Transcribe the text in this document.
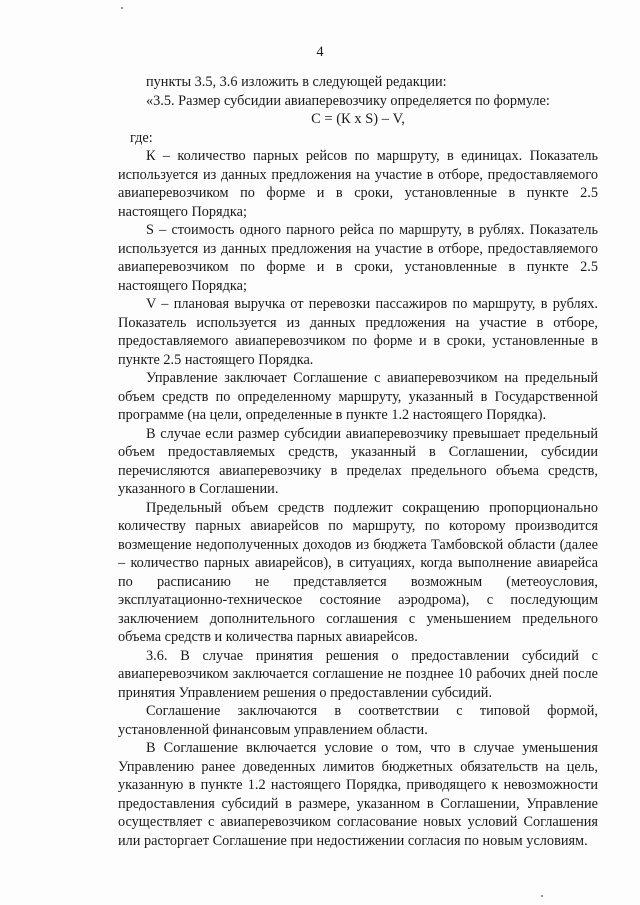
4

пункты 3.5, 3.6 изложить в следующей редакции:

«3.5. Размер субсидии авиаперевозчику определяется по формуле:

С = (К x S) – V,

где:

К – количество парных рейсов по маршруту, в единицах. Показатель используется из данных предложения на участие в отборе, предоставляемого авиаперевозчиком по форме и в сроки, установленные в пункте 2.5 настоящего Порядка;

S – стоимость одного парного рейса по маршруту, в рублях. Показатель используется из данных предложения на участие в отборе, предоставляемого авиаперевозчиком по форме и в сроки, установленные в пункте 2.5 настоящего Порядка;

V – плановая выручка от перевозки пассажиров по маршруту, в рублях. Показатель используется из данных предложения на участие в отборе, предоставляемого авиаперевозчиком по форме и в сроки, установленные в пункте 2.5 настоящего Порядка.

Управление заключает Соглашение с авиаперевозчиком на предельный объем средств по определенному маршруту, указанный в Государственной программе (на цели, определенные в пункте 1.2 настоящего Порядка).

В случае если размер субсидии авиаперевозчику превышает предельный объем предоставляемых средств, указанный в Соглашении, субсидии перечисляются авиаперевозчику в пределах предельного объема средств, указанного в Соглашении.

Предельный объем средств подлежит сокращению пропорционально количеству парных авиарейсов по маршруту, по которому производится возмещение недополученных доходов из бюджета Тамбовской области (далее – количество парных авиарейсов), в ситуациях, когда выполнение авиарейса по расписанию не представляется возможным (метеоусловия, эксплуатационно-техническое состояние аэродрома), с последующим заключением дополнительного соглашения с уменьшением предельного объема средств и количества парных авиарейсов.

3.6. В случае принятия решения о предоставлении субсидий с авиаперевозчиком заключается соглашение не позднее 10 рабочих дней после принятия Управлением решения о предоставлении субсидий.

Соглашение заключаются в соответствии с типовой формой, установленной финансовым управлением области.

В Соглашение включается условие о том, что в случае уменьшения Управлению ранее доведенных лимитов бюджетных обязательств на цель, указанную в пункте 1.2 настоящего Порядка, приводящего к невозможности предоставления субсидий в размере, указанном в Соглашении, Управление осуществляет с авиаперевозчиком согласование новых условий Соглашения или расторгает Соглашение при недостижении согласия по новым условиям.
